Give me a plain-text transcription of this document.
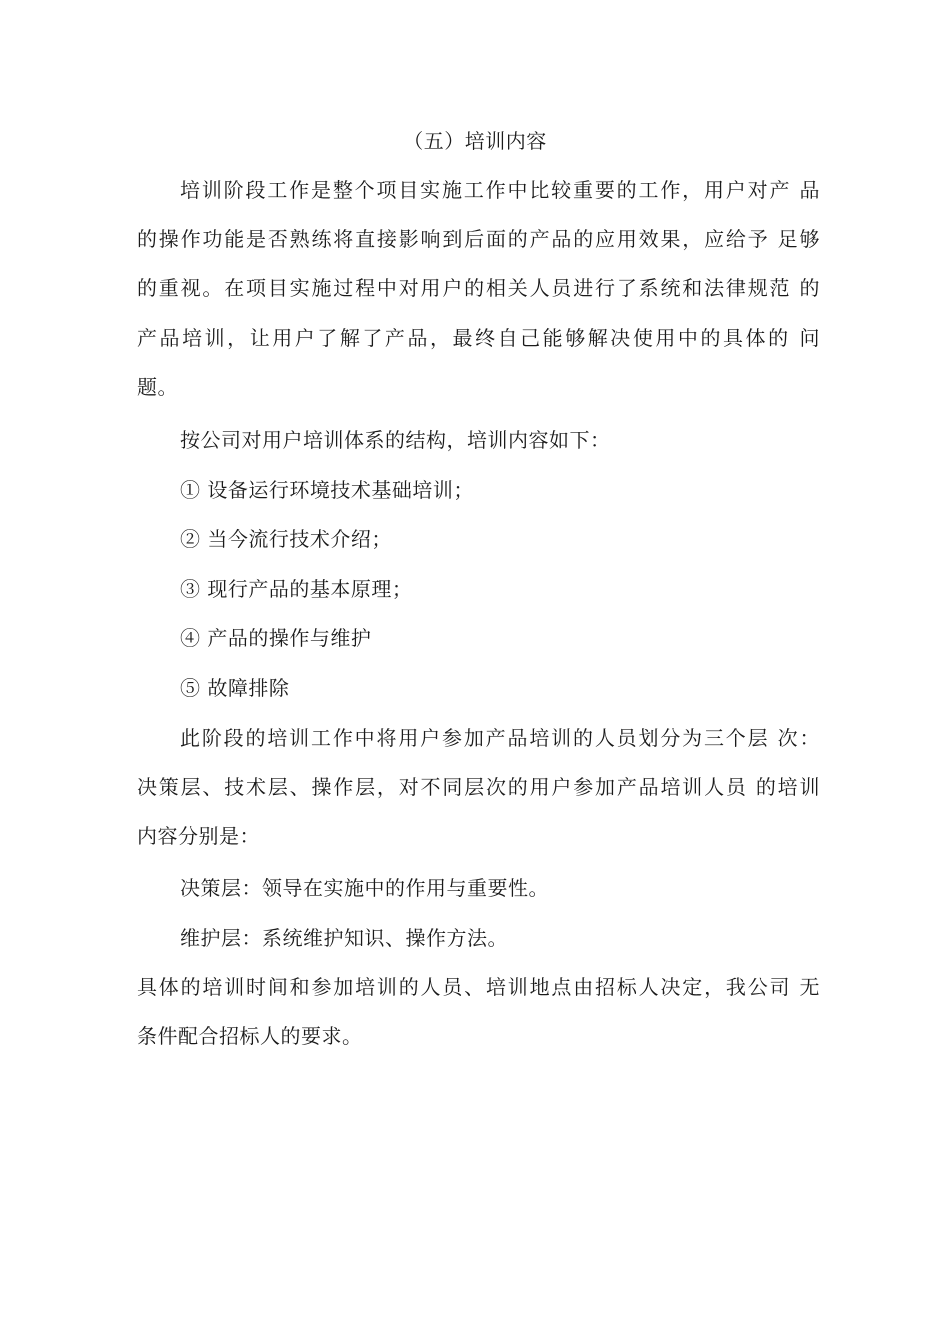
（五）培训内容
培训阶段工作是整个项目实施工作中比较重要的工作，用户对产 品
的操作功能是否熟练将直接影响到后面的产品的应用效果，应给予 足够
的重视。在项目实施过程中对用户的相关人员进行了系统和法律规范 的
产品培训，让用户了解了产品，最终自己能够解决使用中的具体的 问
题。
按公司对用户培训体系的结构，培训内容如下：
① 设备运行环境技术基础培训；
② 当今流行技术介绍；
③ 现行产品的基本原理；
④ 产品的操作与维护
⑤ 故障排除
此阶段的培训工作中将用户参加产品培训的人员划分为三个层 次：
决策层、技术层、操作层，对不同层次的用户参加产品培训人员 的培训
内容分别是：
决策层：领导在实施中的作用与重要性。
维护层：系统维护知识、操作方法。
具体的培训时间和参加培训的人员、培训地点由招标人决定，我公司 无
条件配合招标人的要求。
